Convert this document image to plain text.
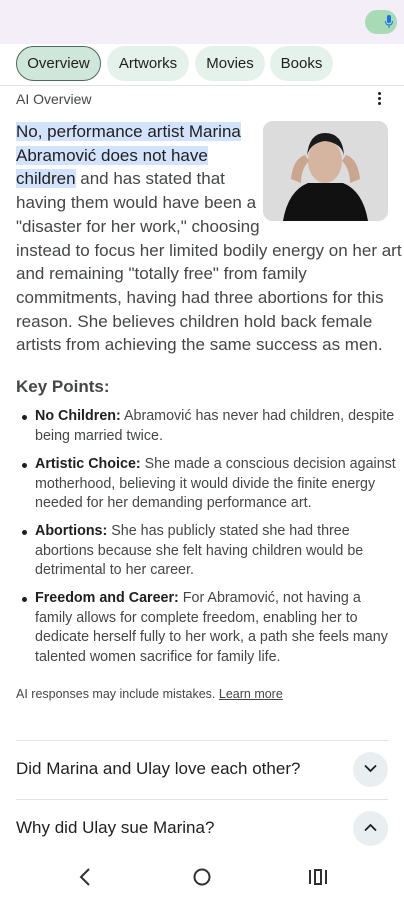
Overview Artworks Movies Books
AI Overview
No, performance artist Marina
Abramović does not have
children and has stated that
having them would have been a
"disaster for her work," choosing
instead to focus her limited bodily energy on her art
and remaining "totally free" from family
commitments, having had three abortions for this
reason. She believes children hold back female
artists from achieving the same success as men.
Key Points:
No Children: Abramović has never had children, despite
being married twice.
Artistic Choice: She made a conscious decision against
motherhood, believing it would divide the finite energy
needed for her demanding performance art.
Abortions: She has publicly stated she had three
abortions because she felt having children would be
detrimental to her career.
Freedom and Career: For Abramović, not having a
family allows for complete freedom, enabling her to
dedicate herself fully to her work, a path she feels many
talented women sacrifice for family life.
AI responses may include mistakes. Learn more
Did Marina and Ulay love each other?
Why did Ulay sue Marina?
